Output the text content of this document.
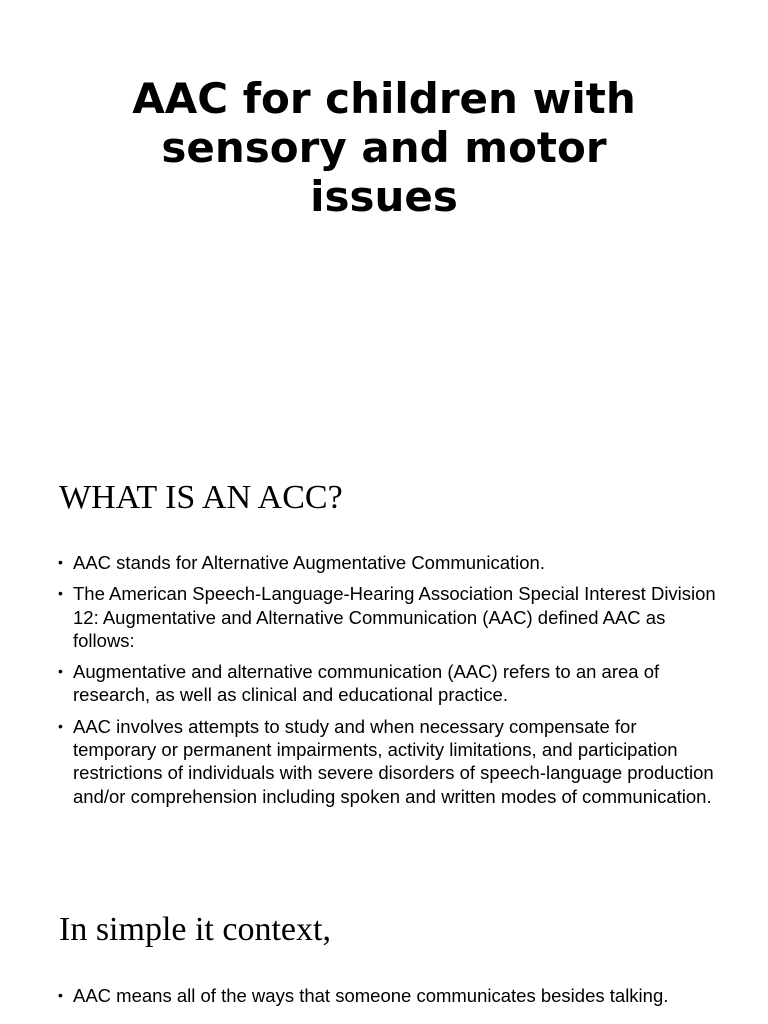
AAC for children with
sensory and motor
issues
WHAT IS AN ACC?
• AAC stands for Alternative Augmentative Communication.
• The American Speech-Language-Hearing Association Special Interest Division 12: Augmentative and Alternative Communication (AAC) defined AAC as follows:
• Augmentative and alternative communication (AAC) refers to an area of research, as well as clinical and educational practice.
• AAC involves attempts to study and when necessary compensate for temporary or permanent impairments, activity limitations, and participation restrictions of individuals with severe disorders of speech-language production and/or comprehension including spoken and written modes of communication.
In simple it context,
• AAC means all of the ways that someone communicates besides talking.
